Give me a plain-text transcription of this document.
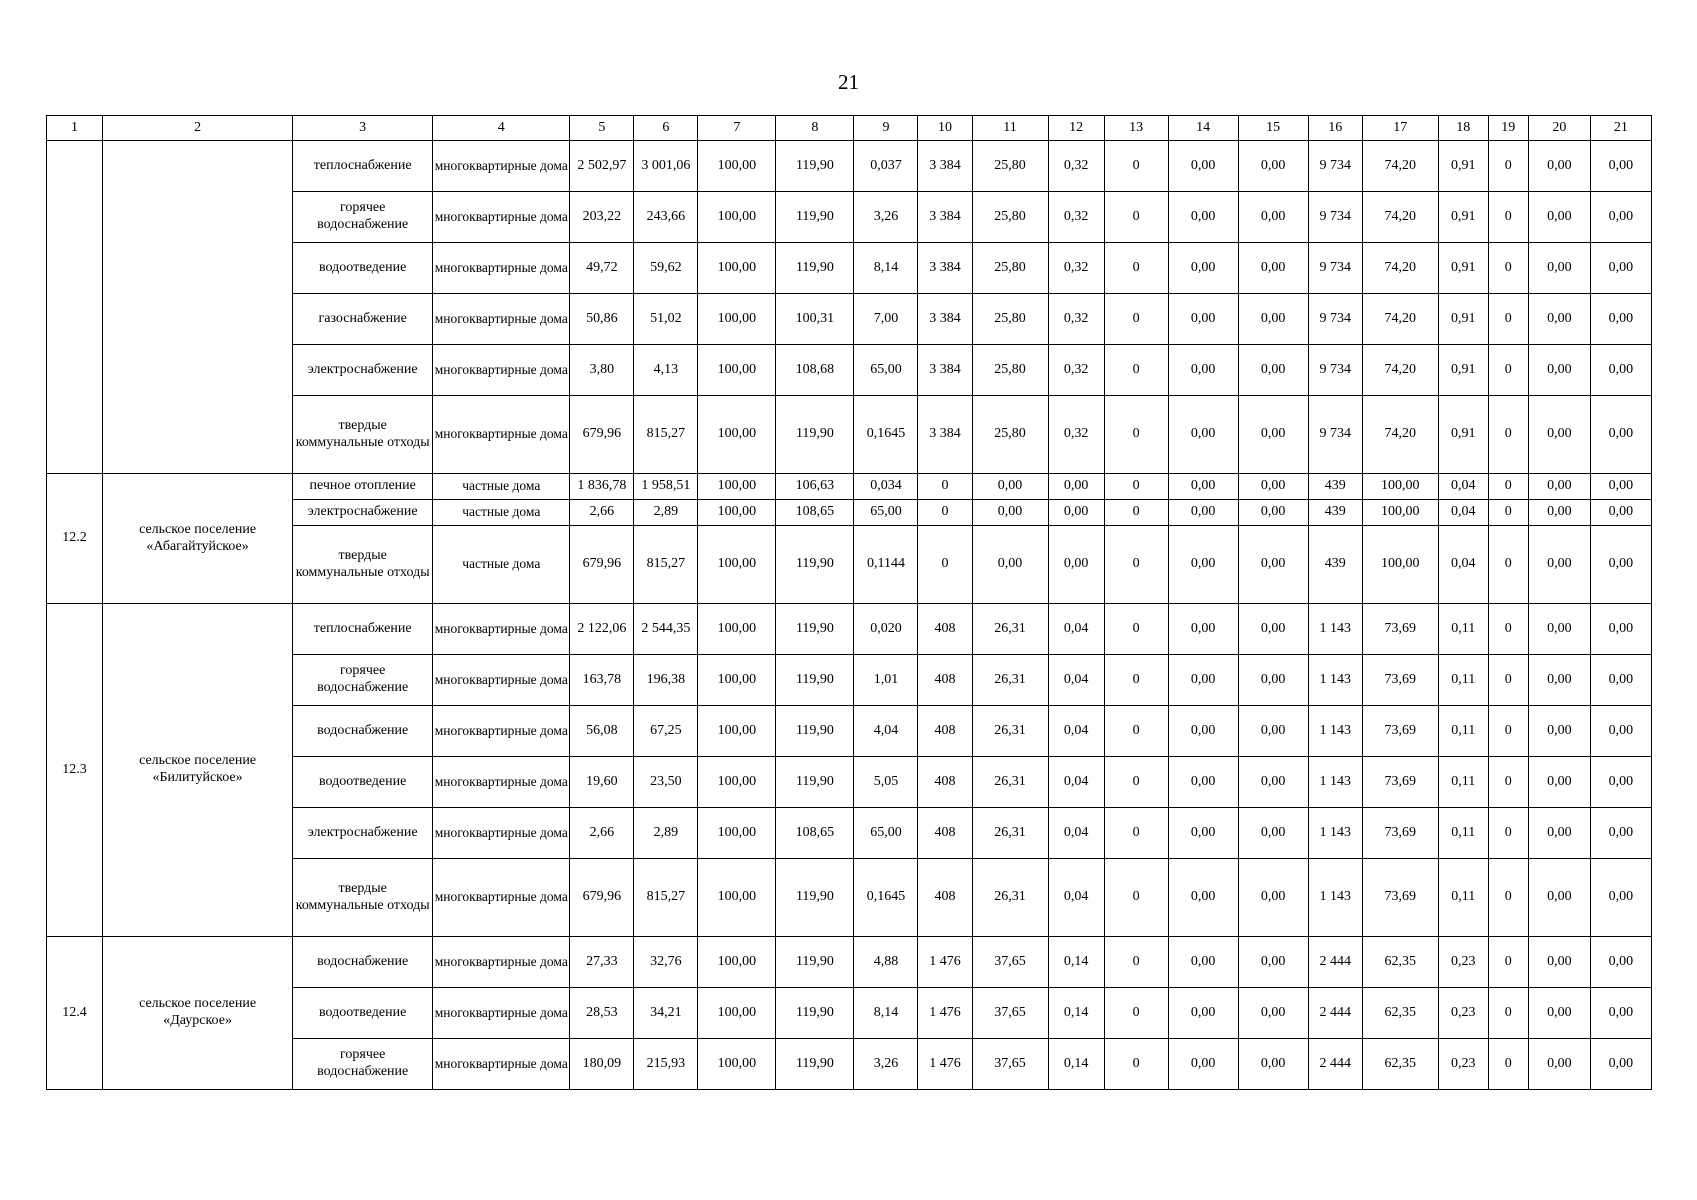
21
1	2	3	4	5	6	7	8	9	10	11	12	13	14	15	16	17	18	19	20	21
		теплоснабжение	многоквартирные дома	2 502,97	3 001,06	100,00	119,90	0,037	3 384	25,80	0,32	0	0,00	0,00	9 734	74,20	0,91	0	0,00	0,00
		горячее водоснабжение	многоквартирные дома	203,22	243,66	100,00	119,90	3,26	3 384	25,80	0,32	0	0,00	0,00	9 734	74,20	0,91	0	0,00	0,00
		водоотведение	многоквартирные дома	49,72	59,62	100,00	119,90	8,14	3 384	25,80	0,32	0	0,00	0,00	9 734	74,20	0,91	0	0,00	0,00
		газоснабжение	многоквартирные дома	50,86	51,02	100,00	100,31	7,00	3 384	25,80	0,32	0	0,00	0,00	9 734	74,20	0,91	0	0,00	0,00
		электроснабжение	многоквартирные дома	3,80	4,13	100,00	108,68	65,00	3 384	25,80	0,32	0	0,00	0,00	9 734	74,20	0,91	0	0,00	0,00
		твердые коммунальные отходы	многоквартирные дома	679,96	815,27	100,00	119,90	0,1645	3 384	25,80	0,32	0	0,00	0,00	9 734	74,20	0,91	0	0,00	0,00
12.2	сельское поселение «Абагайтуйское»	печное отопление	частные дома	1 836,78	1 958,51	100,00	106,63	0,034	0	0,00	0,00	0	0,00	0,00	439	100,00	0,04	0	0,00	0,00
		электроснабжение	частные дома	2,66	2,89	100,00	108,65	65,00	0	0,00	0,00	0	0,00	0,00	439	100,00	0,04	0	0,00	0,00
		твердые коммунальные отходы	частные дома	679,96	815,27	100,00	119,90	0,1144	0	0,00	0,00	0	0,00	0,00	439	100,00	0,04	0	0,00	0,00
12.3	сельское поселение «Билитуйское»	теплоснабжение	многоквартирные дома	2 122,06	2 544,35	100,00	119,90	0,020	408	26,31	0,04	0	0,00	0,00	1 143	73,69	0,11	0	0,00	0,00
		горячее водоснабжение	многоквартирные дома	163,78	196,38	100,00	119,90	1,01	408	26,31	0,04	0	0,00	0,00	1 143	73,69	0,11	0	0,00	0,00
		водоснабжение	многоквартирные дома	56,08	67,25	100,00	119,90	4,04	408	26,31	0,04	0	0,00	0,00	1 143	73,69	0,11	0	0,00	0,00
		водоотведение	многоквартирные дома	19,60	23,50	100,00	119,90	5,05	408	26,31	0,04	0	0,00	0,00	1 143	73,69	0,11	0	0,00	0,00
		электроснабжение	многоквартирные дома	2,66	2,89	100,00	108,65	65,00	408	26,31	0,04	0	0,00	0,00	1 143	73,69	0,11	0	0,00	0,00
		твердые коммунальные отходы	многоквартирные дома	679,96	815,27	100,00	119,90	0,1645	408	26,31	0,04	0	0,00	0,00	1 143	73,69	0,11	0	0,00	0,00
12.4	сельское поселение «Даурское»	водоснабжение	многоквартирные дома	27,33	32,76	100,00	119,90	4,88	1 476	37,65	0,14	0	0,00	0,00	2 444	62,35	0,23	0	0,00	0,00
		водоотведение	многоквартирные дома	28,53	34,21	100,00	119,90	8,14	1 476	37,65	0,14	0	0,00	0,00	2 444	62,35	0,23	0	0,00	0,00
		горячее водоснабжение	многоквартирные дома	180,09	215,93	100,00	119,90	3,26	1 476	37,65	0,14	0	0,00	0,00	2 444	62,35	0,23	0	0,00	0,00
